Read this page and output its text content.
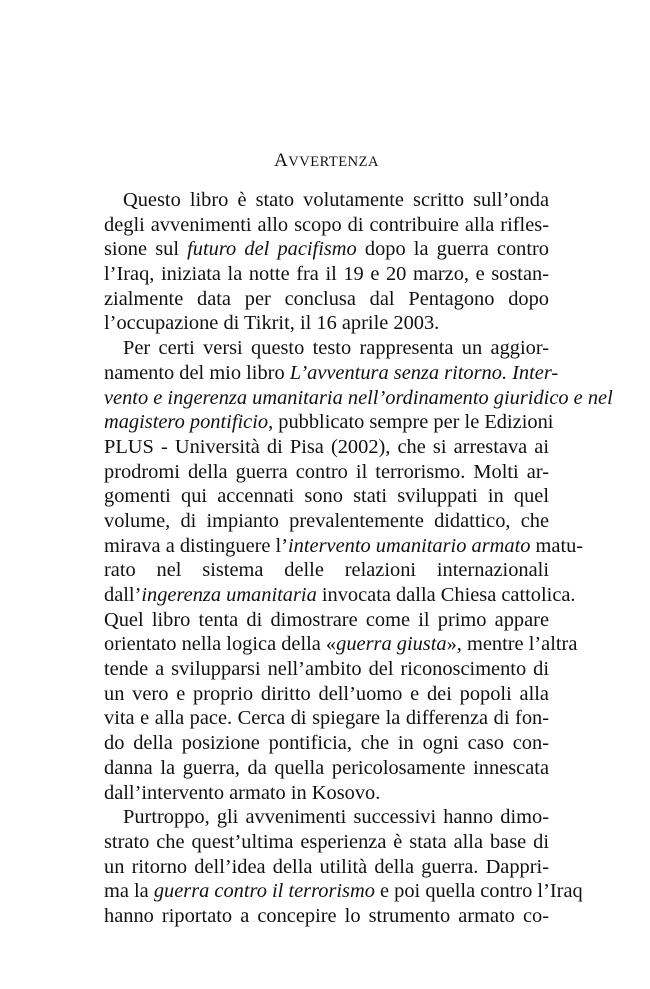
AVVERTENZA
Questo libro è stato volutamente scritto sull’onda
degli avvenimenti allo scopo di contribuire alla rifles-
sione sul futuro del pacifismo dopo la guerra contro
l’Iraq, iniziata la notte fra il 19 e 20 marzo, e sostan-
zialmente data per conclusa dal Pentagono dopo
l’occupazione di Tikrit, il 16 aprile 2003.
Per certi versi questo testo rappresenta un aggior-
namento del mio libro L’avventura senza ritorno. Inter-
vento e ingerenza umanitaria nell’ordinamento giuridico e nel
magistero pontificio, pubblicato sempre per le Edizioni
PLUS - Università di Pisa (2002), che si arrestava ai
prodromi della guerra contro il terrorismo. Molti ar-
gomenti qui accennati sono stati sviluppati in quel
volume, di impianto prevalentemente didattico, che
mirava a distinguere l’intervento umanitario armato matu-
rato nel sistema delle relazioni internazionali
dall’ingerenza umanitaria invocata dalla Chiesa cattolica.
Quel libro tenta di dimostrare come il primo appare
orientato nella logica della «guerra giusta», mentre l’altra
tende a svilupparsi nell’ambito del riconoscimento di
un vero e proprio diritto dell’uomo e dei popoli alla
vita e alla pace. Cerca di spiegare la differenza di fon-
do della posizione pontificia, che in ogni caso con-
danna la guerra, da quella pericolosamente innescata
dall’intervento armato in Kosovo.
Purtroppo, gli avvenimenti successivi hanno dimo-
strato che quest’ultima esperienza è stata alla base di
un ritorno dell’idea della utilità della guerra. Dappri-
ma la guerra contro il terrorismo e poi quella contro l’Iraq
hanno riportato a concepire lo strumento armato co-
